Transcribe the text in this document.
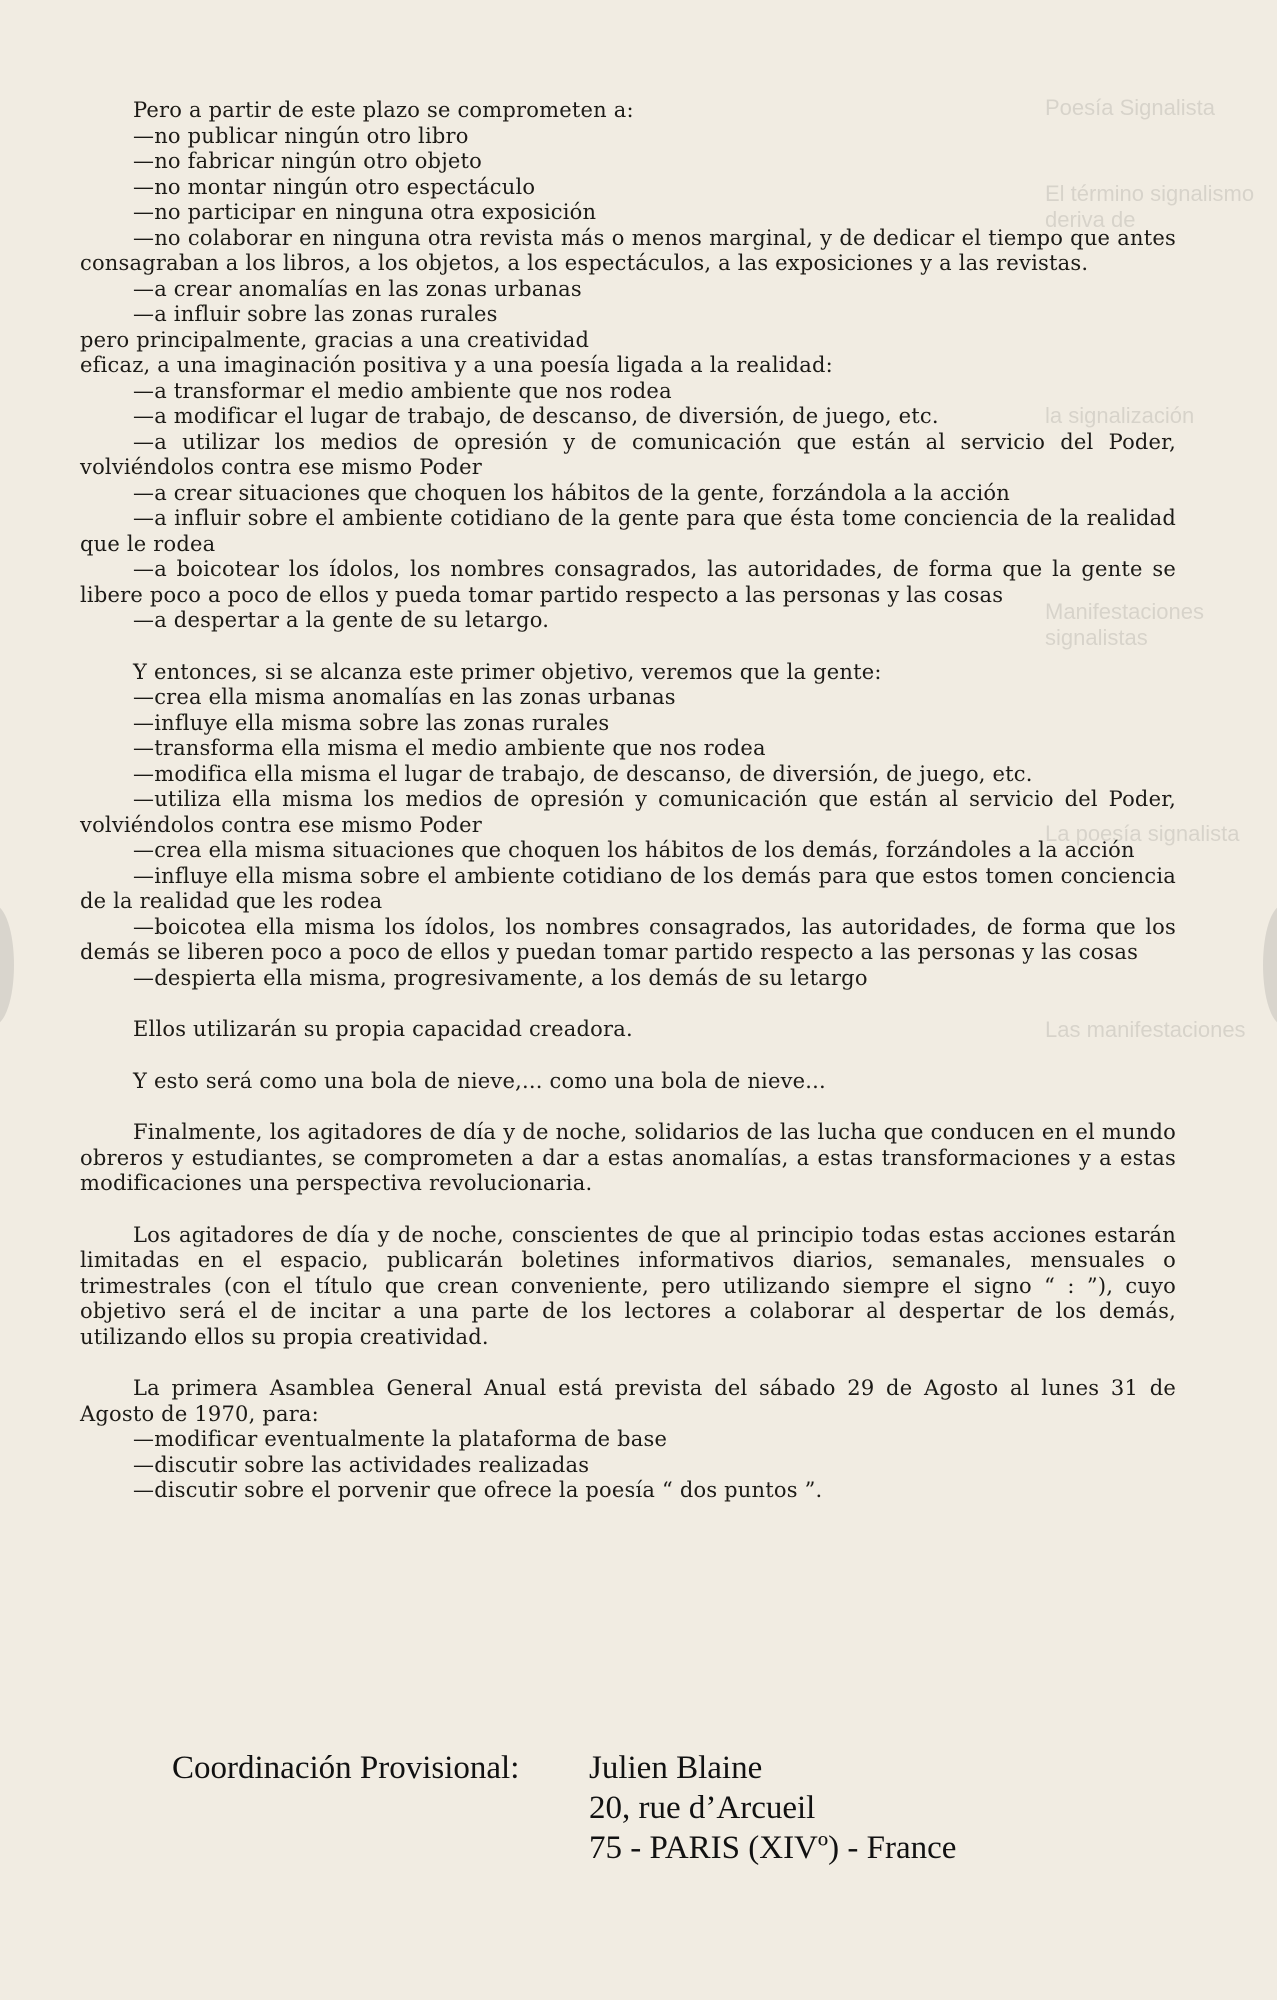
Poesía Signalista
El término signalismo deriva de
la signalización
Manifestaciones signalistas
La poesía signalista
Las manifestaciones

Pero a partir de este plazo se comprometen a:

—no publicar ningún otro libro

—no fabricar ningún otro objeto

—no montar ningún otro espectáculo

—no participar en ninguna otra exposición

—no colaborar en ninguna otra revista más o menos marginal, y de dedicar el tiempo que antes consagraban a los libros, a los objetos, a los espectáculos, a las exposiciones y a las revistas.

—a crear anomalías en las zonas urbanas

—a influir sobre las zonas rurales

pero principalmente, gracias a una creatividad

eficaz, a una imaginación positiva y a una poesía ligada a la realidad:

—a transformar el medio ambiente que nos rodea

—a modificar el lugar de trabajo, de descanso, de diversión, de juego, etc.

—a utilizar los medios de opresión y de comunicación que están al servicio del Poder, volviéndolos contra ese mismo Poder

—a crear situaciones que choquen los hábitos de la gente, forzándola a la acción

—a influir sobre el ambiente cotidiano de la gente para que ésta tome conciencia de la realidad que le rodea

—a boicotear los ídolos, los nombres consagrados, las autoridades, de forma que la gente se libere poco a poco de ellos y pueda tomar partido respecto a las personas y las cosas

—a despertar a la gente de su letargo.

Y entonces, si se alcanza este primer objetivo, veremos que la gente:

—crea ella misma anomalías en las zonas urbanas

—influye ella misma sobre las zonas rurales

—transforma ella misma el medio ambiente que nos rodea

—modifica ella misma el lugar de trabajo, de descanso, de diversión, de juego, etc.

—utiliza ella misma los medios de opresión y comunicación que están al servicio del Poder, volviéndolos contra ese mismo Poder

—crea ella misma situaciones que choquen los hábitos de los demás, forzándoles a la acción

—influye ella misma sobre el ambiente cotidiano de los demás para que estos tomen conciencia de la realidad que les rodea

—boicotea ella misma los ídolos, los nombres consagrados, las autoridades, de forma que los demás se liberen poco a poco de ellos y puedan tomar partido respecto a las personas y las cosas

—despierta ella misma, progresivamente, a los demás de su letargo

Ellos utilizarán su propia capacidad creadora.

Y esto será como una bola de nieve,... como una bola de nieve...

Finalmente, los agitadores de día y de noche, solidarios de las lucha que conducen en el mundo obreros y estudiantes, se comprometen a dar a estas anomalías, a estas transformaciones y a estas modificaciones una perspectiva revolucionaria.

Los agitadores de día y de noche, conscientes de que al principio todas estas acciones estarán limitadas en el espacio, publicarán boletines informativos diarios, semanales, mensuales o trimestrales (con el título que crean conveniente, pero utilizando siempre el signo “ : ”), cuyo objetivo será el de incitar a una parte de los lectores a colaborar al despertar de los demás, utilizando ellos su propia creatividad.

La primera Asamblea General Anual está prevista del sábado 29 de Agosto al lunes 31 de Agosto de 1970, para:

—modificar eventualmente la plataforma de base

—discutir sobre las actividades realizadas

—discutir sobre el porvenir que ofrece la poesía “ dos puntos ”.

Coordinación Provisional:	Julien Blaine
20, rue d’Arcueil
75 - PARIS (XIVº) - France
